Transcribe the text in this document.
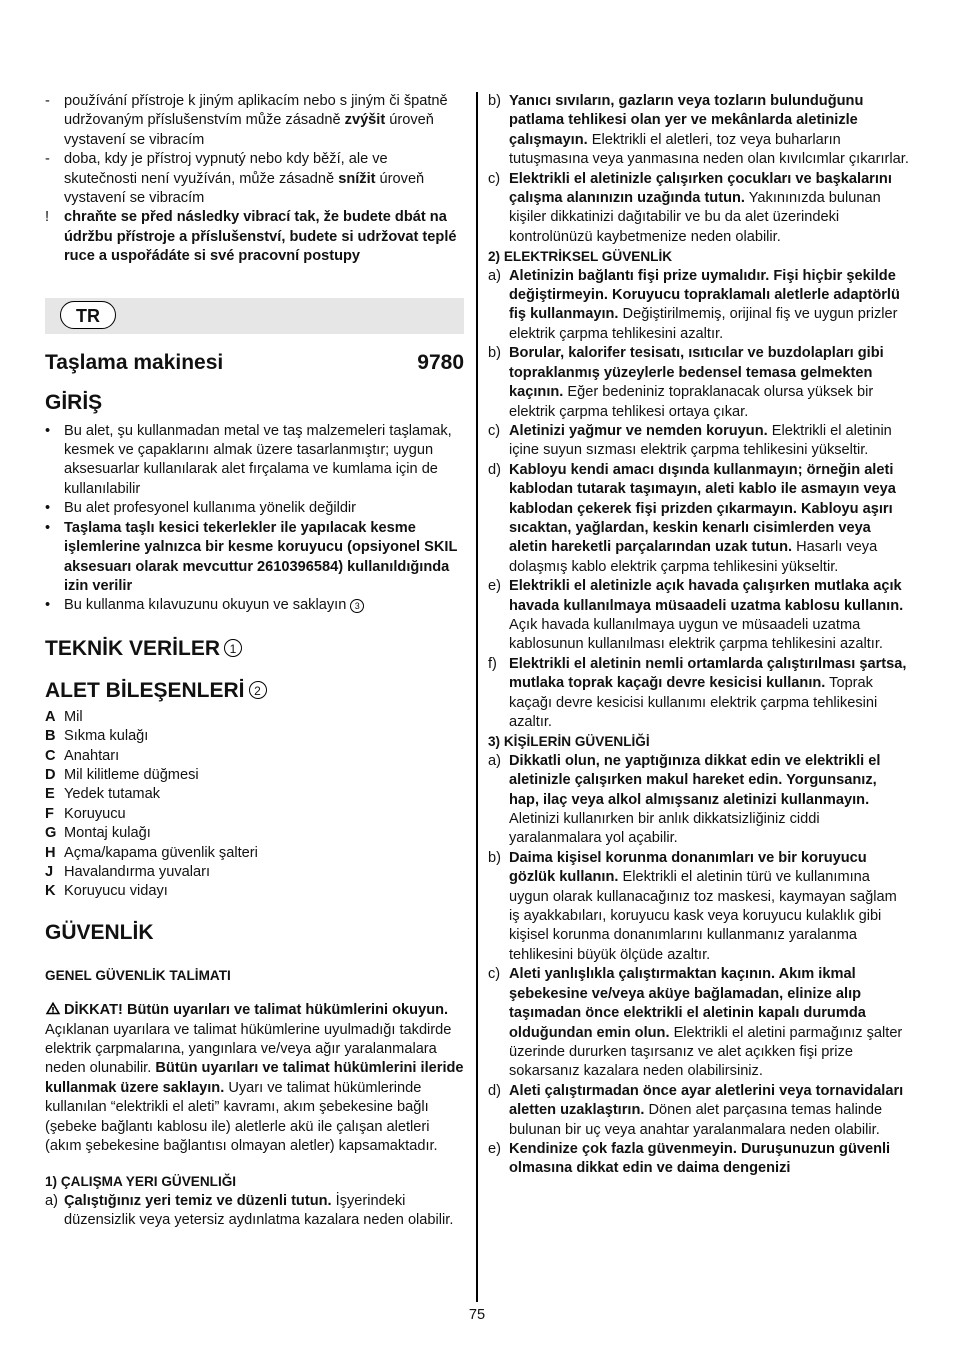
- používání přístroje k jiným aplikacím nebo s jiným či špatně udržovaným příslušenstvím může zásadně zvýšit úroveň vystavení se vibracím
- doba, kdy je přístroj vypnutý nebo kdy běží, ale ve skutečnosti není využíván, může zásadně snížit úroveň vystavení se vibracím
!	chraňte se před následky vibrací tak, že budete dbát na údržbu přístroje a příslušenství, budete si udržovat teplé ruce a uspořádáte si své pracovní postupy
TR
Taşlama makinesi	9780
GİRİŞ
• Bu alet, şu kullanmadan metal ve taş malzemeleri taşlamak, kesmek ve çapaklarını almak üzere tasarlanmıştır; uygun aksesuarlar kullanılarak alet fırçalama ve kumlama için de kullanılabilir
• Bu alet profesyonel kullanıma yönelik değildir
• Taşlama taşlı kesici tekerlekler ile yapılacak kesme işlemlerine yalnızca bir kesme koruyucu (opsiyonel SKIL aksesuarı olarak mevcuttur 2610396584) kullanıldığında izin verilir
• Bu kullanma kılavuzunu okuyun ve saklayın 3
TEKNİK VERİLER 1
ALET BİLEŞENLERİ 2
A Mil
B Sıkma kulağı
C Anahtarı
D Mil kilitleme düğmesi
E Yedek tutamak
F Koruyucu
G Montaj kulağı
H Açma/kapama güvenlik şalteri
J Havalandırma yuvaları
K Koruyucu vidayı
GÜVENLİK
GENEL GÜVENLİK TALİMATI
DİKKAT! Bütün uyarıları ve talimat hükümlerini okuyun. Açıklanan uyarılara ve talimat hükümlerine uyulmadığı takdirde elektrik çarpmalarına, yangınlara ve/veya ağır yaralanmalara neden olunabilir. Bütün uyarıları ve talimat hükümlerini ileride kullanmak üzere saklayın. Uyarı ve talimat hükümlerinde kullanılan “elektrikli el aleti” kavramı, akım şebekesine bağlı (şebeke bağlantı kablosu ile) aletlerle akü ile çalışan aletleri (akım şebekesine bağlantısı olmayan aletler) kapsamaktadır.
1) ÇALIŞMA YERI GÜVENLIĞI
a) Çalıştığınız yeri temiz ve düzenli tutun. İşyerindeki düzensizlik veya yetersiz aydınlatma kazalara neden olabilir.
b) Yanıcı sıvıların, gazların veya tozların bulunduğunu patlama tehlikesi olan yer ve mekânlarda aletinizle çalışmayın. Elektrikli el aletleri, toz veya buharların tutuşmasına veya yanmasına neden olan kıvılcımlar çıkarırlar.
c) Elektrikli el aletinizle çalışırken çocukları ve başkalarını çalışma alanınızın uzağında tutun. Yakınınızda bulunan kişiler dikkatinizi dağıtabilir ve bu da alet üzerindeki kontrolünüzü kaybetmenize neden olabilir.
2) ELEKTRİKSEL GÜVENLİK
a) Aletinizin bağlantı fişi prize uymalıdır. Fişi hiçbir şekilde değiştirmeyin. Koruyucu topraklamalı aletlerle adaptörlü fiş kullanmayın. Değiştirilmemiş, orijinal fiş ve uygun prizler elektrik çarpma tehlikesini azaltır.
b) Borular, kalorifer tesisatı, ısıtıcılar ve buzdolapları gibi topraklanmış yüzeylerle bedensel temasa gelmekten kaçının. Eğer bedeniniz topraklanacak olursa yüksek bir elektrik çarpma tehlikesi ortaya çıkar.
c) Aletinizi yağmur ve nemden koruyun. Elektrikli el aletinin içine suyun sızması elektrik çarpma tehlikesini yükseltir.
d) Kabloyu kendi amacı dışında kullanmayın; örneğin aleti kablodan tutarak taşımayın, aleti kablo ile asmayın veya kablodan çekerek fişi prizden çıkarmayın. Kabloyu aşırı sıcaktan, yağlardan, keskin kenarlı cisimlerden veya aletin hareketli parçalarından uzak tutun. Hasarlı veya dolaşmış kablo elektrik çarpma tehlikesini yükseltir.
e) Elektrikli el aletinizle açık havada çalışırken mutlaka açık havada kullanılmaya müsaadeli uzatma kablosu kullanın. Açık havada kullanılmaya uygun ve müsaadeli uzatma kablosunun kullanılması elektrik çarpma tehlikesini azaltır.
f) Elektrikli el aletinin nemli ortamlarda çalıştırılması şartsa, mutlaka toprak kaçağı devre kesicisi kullanın. Toprak kaçağı devre kesicisi kullanımı elektrik çarpma tehlikesini azaltır.
3) KİŞİLERİN GÜVENLİĞİ
a) Dikkatli olun, ne yaptığınıza dikkat edin ve elektrikli el aletinizle çalışırken makul hareket edin. Yorgunsanız, hap, ilaç veya alkol almışsanız aletinizi kullanmayın. Aletinizi kullanırken bir anlık dikkatsizliğiniz ciddi yaralanmalara yol açabilir.
b) Daima kişisel korunma donanımları ve bir koruyucu gözlük kullanın. Elektrikli el aletinin türü ve kullanımına uygun olarak kullanacağınız toz maskesi, kaymayan sağlam iş ayakkabıları, koruyucu kask veya koruyucu kulaklık gibi kişisel korunma donanımlarını kullanmanız yaralanma tehlikesini büyük ölçüde azaltır.
c) Aleti yanlışlıkla çalıştırmaktan kaçının. Akım ikmal şebekesine ve/veya aküye bağlamadan, elinize alıp taşımadan önce elektrikli el aletinin kapalı durumda olduğundan emin olun. Elektrikli el aletini parmağınız şalter üzerinde dururken taşırsanız ve alet açıkken fişi prize sokarsanız kazalara neden olabilirsiniz.
d) Aleti çalıştırmadan önce ayar aletlerini veya tornavidaları aletten uzaklaştırın. Dönen alet parçasına temas halinde bulunan bir uç veya anahtar yaralanmalara neden olabilir.
e) Kendinize çok fazla güvenmeyin. Duruşunuzun güvenli olmasına dikkat edin ve daima dengenizi
75
